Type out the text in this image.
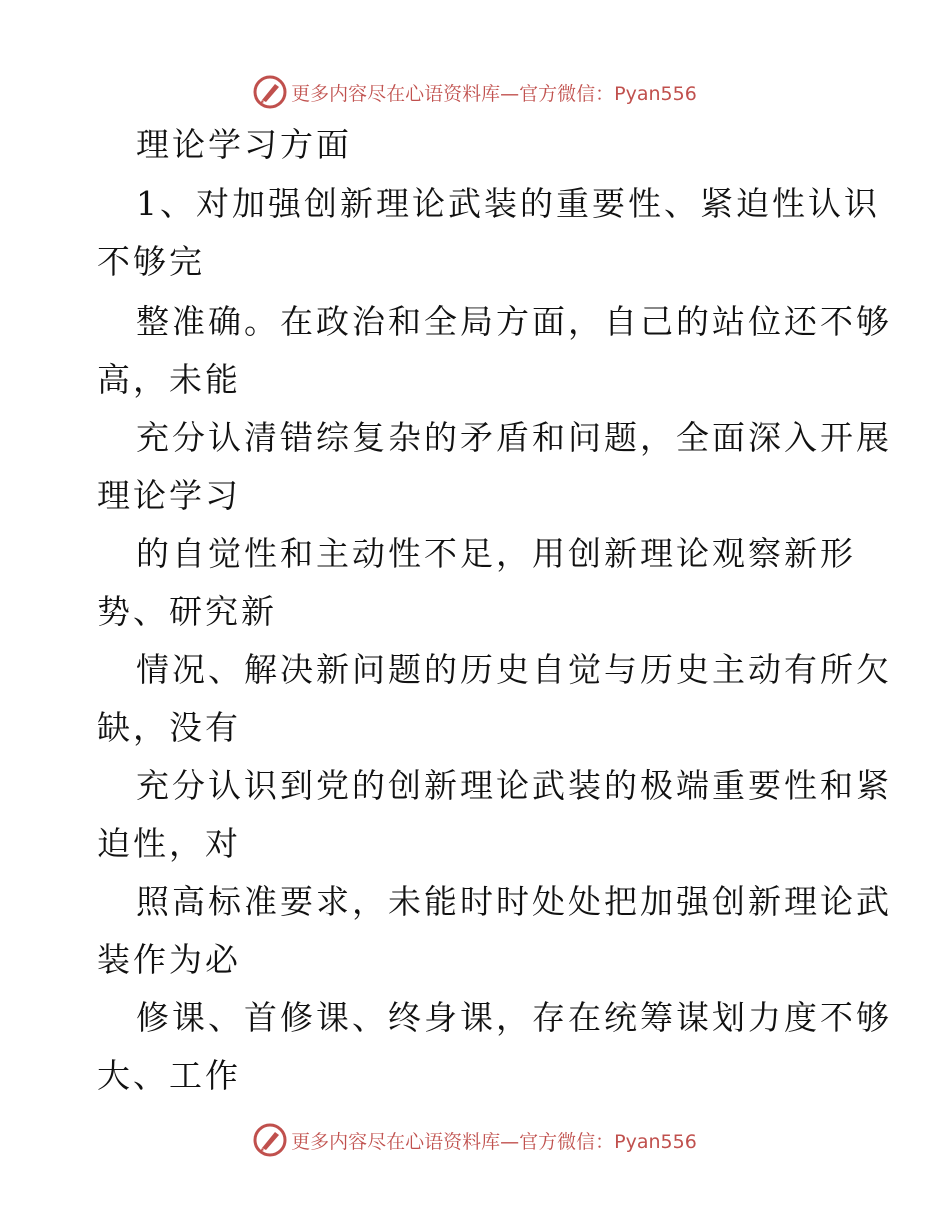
更多内容尽在心语资料库 —官方微信：Pyan556
理论学习方面
1、对加强创新理论武装的重要性、紧迫性认识
不够完
整准确。在政治和全局方面，自己的站位还不够
高，未能
充分认清错综复杂的矛盾和问题，全面深入开展
理论学习
的自觉性和主动性不足，用创新理论观察新形
势、研究新
情况、解决新问题的历史自觉与历史主动有所欠
缺，没有
充分认识到党的创新理论武装的极端重要性和紧
迫性，对
照高标准要求，未能时时处处把加强创新理论武
装作为必
修课、首修课、终身课，存在统筹谋划力度不够
大、工作
更多内容尽在心语资料库 —官方微信：Pyan556
